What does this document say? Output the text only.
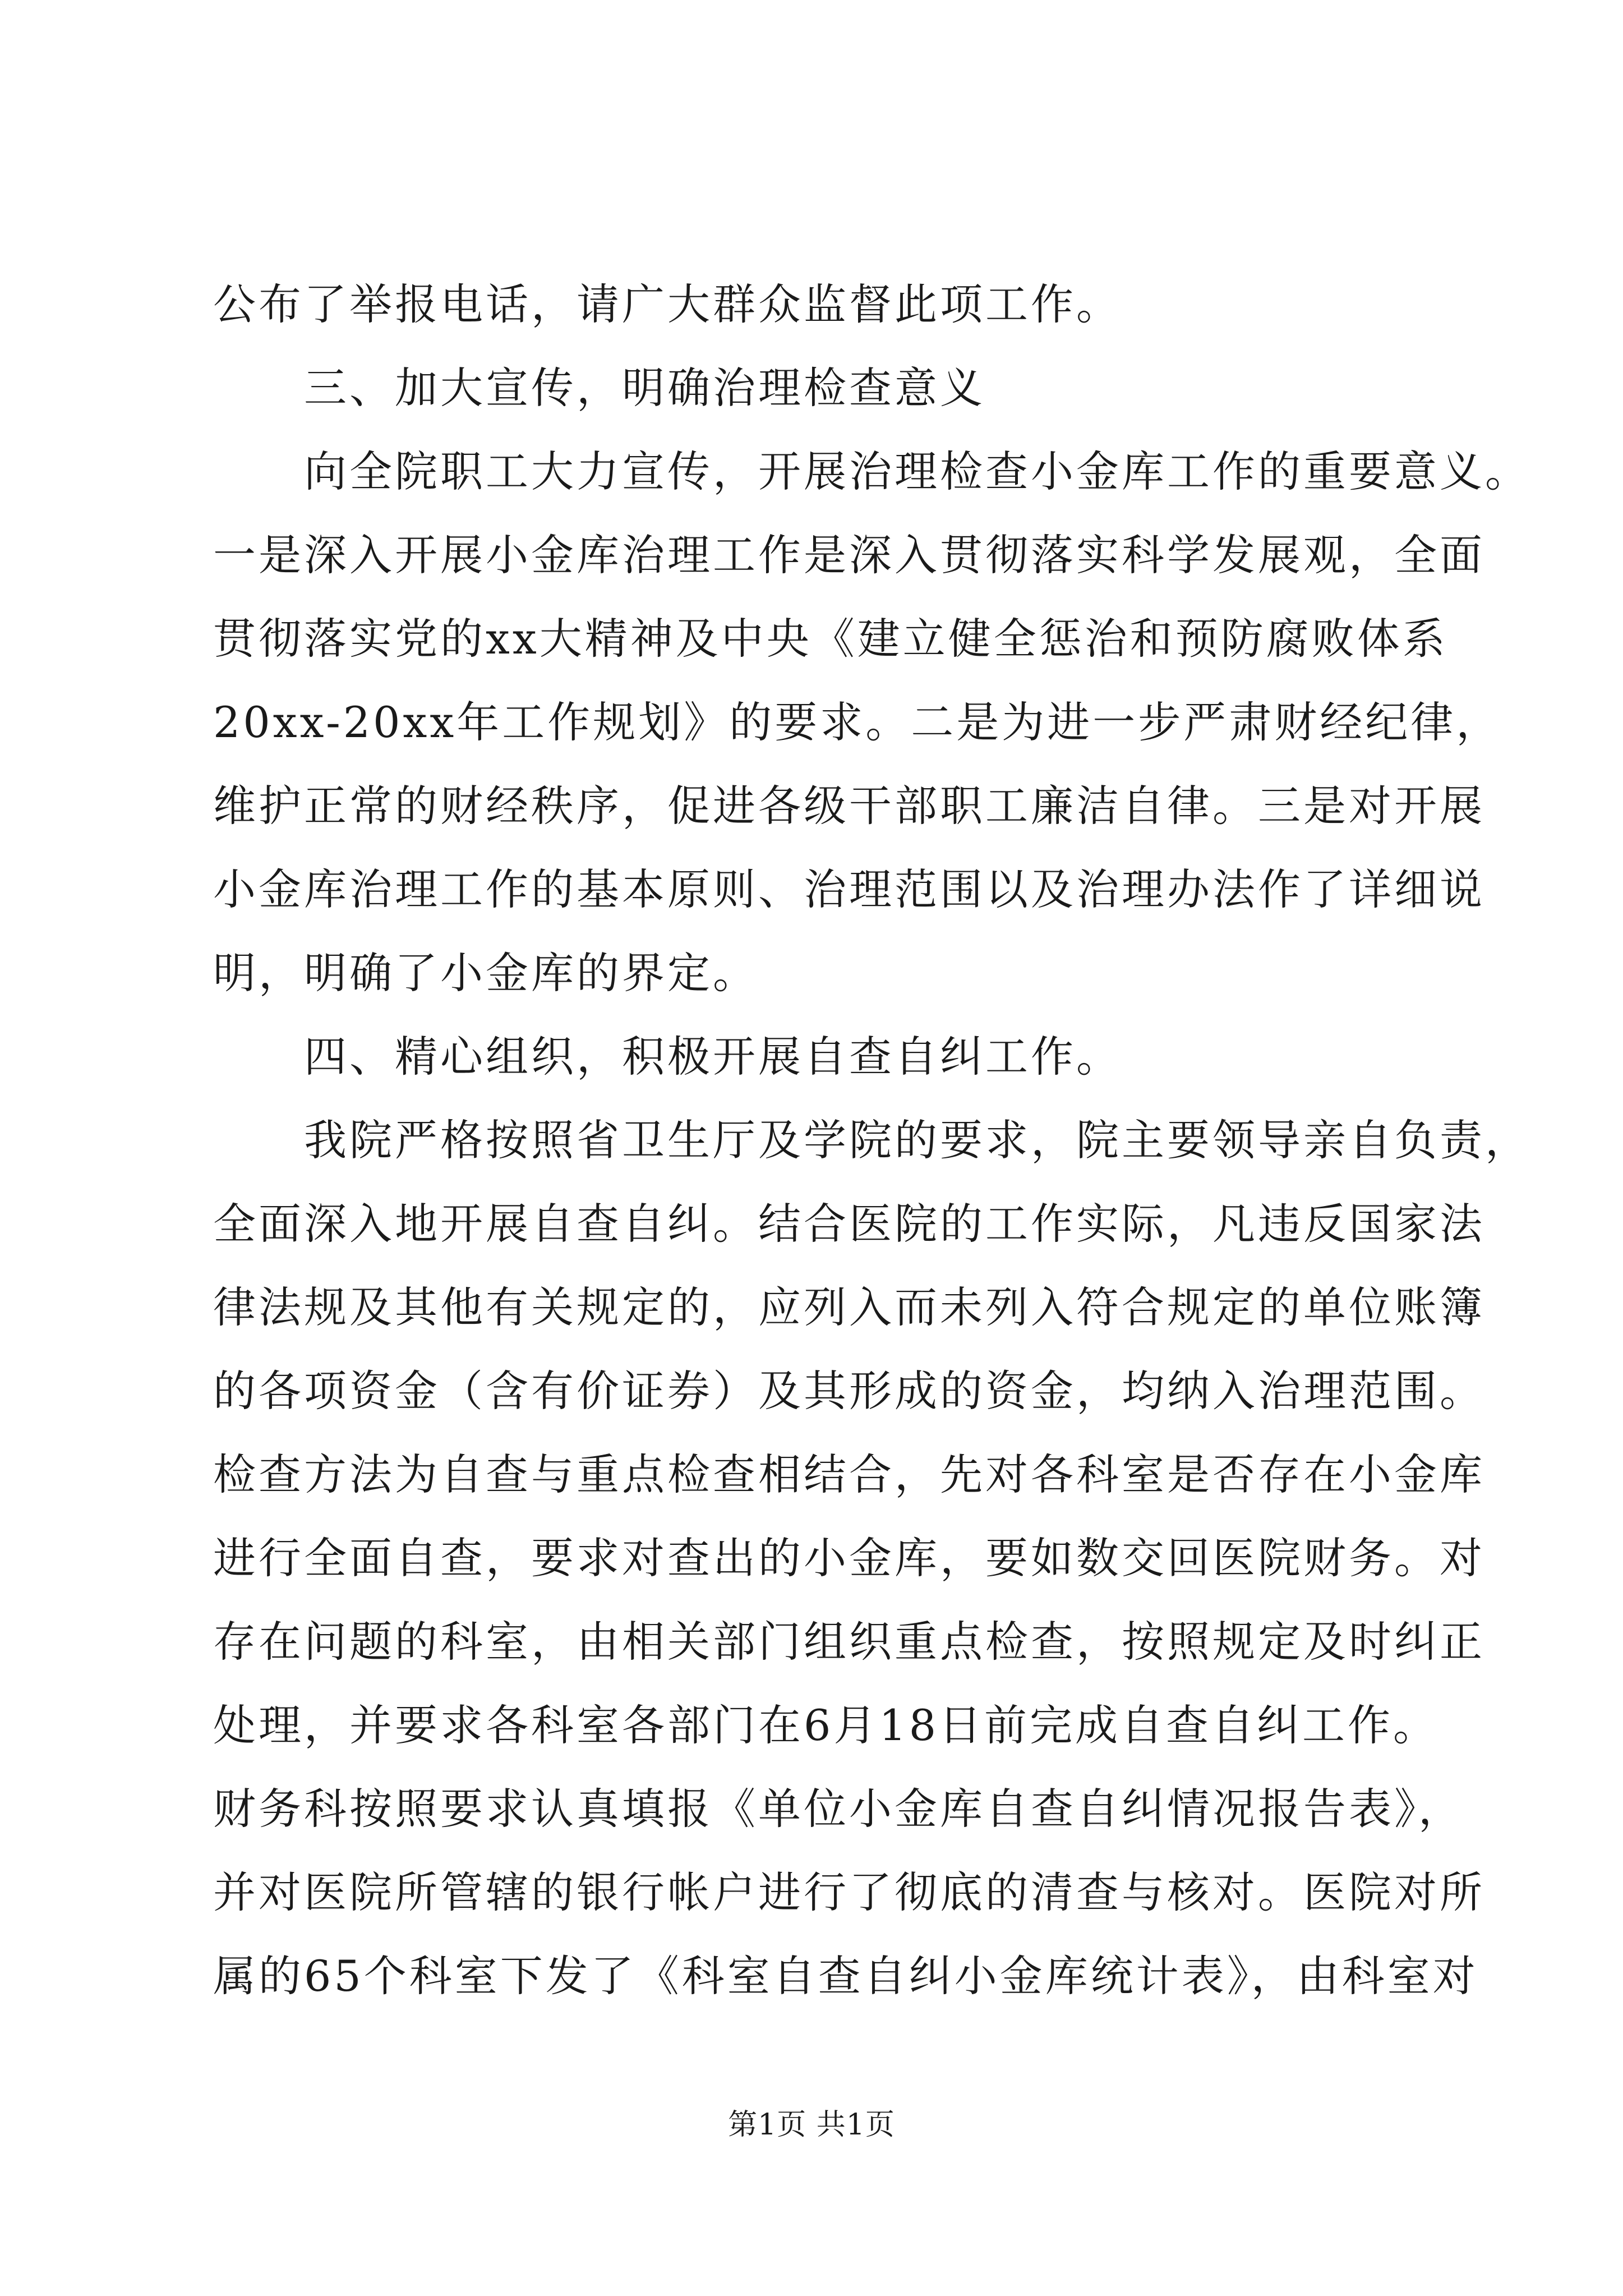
公布了举报电话，请广大群众监督此项工作。
三、加大宣传，明确治理检查意义
向全院职工大力宣传，开展治理检查小金库工作的重要意义。
一是深入开展小金库治理工作是深入贯彻落实科学发展观，全面
贯彻落实党的xx大精神及中央《建立健全惩治和预防腐败体系
20xx-20xx年工作规划》的要求。二是为进一步严肃财经纪律，
维护正常的财经秩序，促进各级干部职工廉洁自律。三是对开展
小金库治理工作的基本原则、治理范围以及治理办法作了详细说
明，明确了小金库的界定。
四、精心组织，积极开展自查自纠工作。
我院严格按照省卫生厅及学院的要求，院主要领导亲自负责，
全面深入地开展自查自纠。结合医院的工作实际，凡违反国家法
律法规及其他有关规定的，应列入而未列入符合规定的单位账簿
的各项资金（含有价证券）及其形成的资金，均纳入治理范围。
检查方法为自查与重点检查相结合，先对各科室是否存在小金库
进行全面自查，要求对查出的小金库，要如数交回医院财务。对
存在问题的科室，由相关部门组织重点检查，按照规定及时纠正
处理，并要求各科室各部门在6月18日前完成自查自纠工作。
财务科按照要求认真填报《单位小金库自查自纠情况报告表》，
并对医院所管辖的银行帐户进行了彻底的清查与核对。医院对所
属的65个科室下发了《科室自查自纠小金库统计表》，由科室对
第1页 共1页
